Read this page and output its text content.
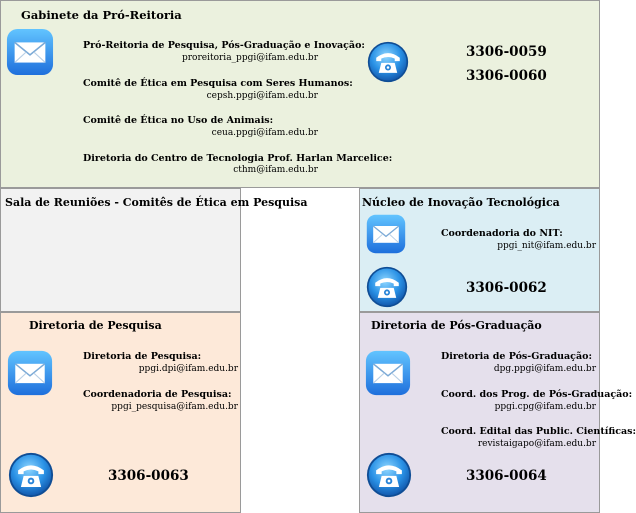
Gabinete da Pró-Reitoria
Pró-Reitoria de Pesquisa, Pós-Graduação e Inovação:
proreitoria_ppgi@ifam.edu.br
Comitê de Ética em Pesquisa com Seres Humanos:
cepsh.ppgi@ifam.edu.br
Comitê de Ética no Uso de Animais:
ceua.ppgi@ifam.edu.br
Diretoria do Centro de Tecnologia Prof. Harlan Marcelice:
cthm@ifam.edu.br
3306-0059
3306-0060
Sala de Reuniões - Comitês de Ética em Pesquisa	Núcleo de Inovação Tecnológica
Coordenadoria do NIT:
ppgi_nit@ifam.edu.br
3306-0062
Diretoria de Pesquisa
Diretoria de Pesquisa:
ppgi.dpi@ifam.edu.br
Coordenadoria de Pesquisa:
ppgi_pesquisa@ifam.edu.br
3306-0063
Diretoria de Pós-Graduação
Diretoria de Pós-Graduação:
dpg.ppgi@ifam.edu.br
Coord. dos Prog. de Pós-Graduação:
ppgi.cpg@ifam.edu.br
Coord. Edital das Public. Científicas:
revistaigapo@ifam.edu.br
3306-0064
